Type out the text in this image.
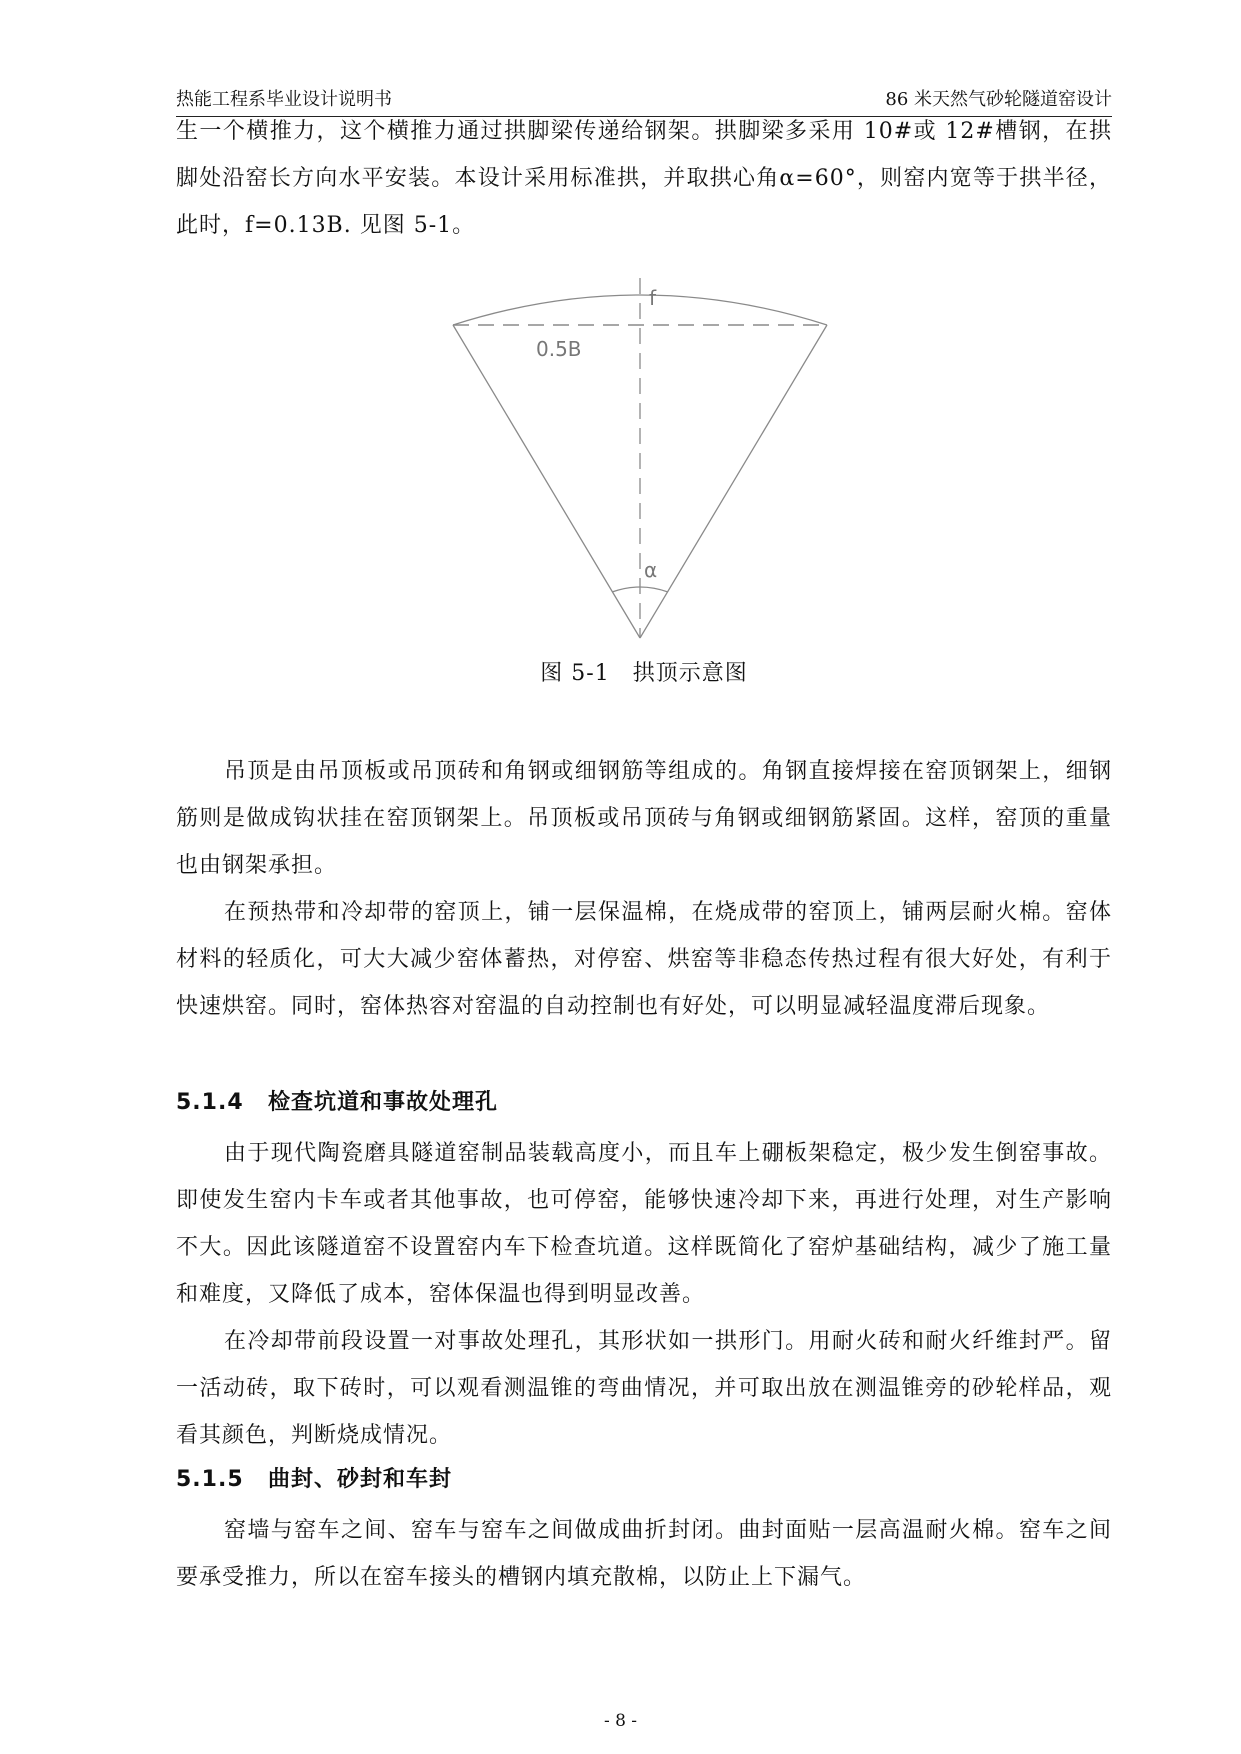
热能工程系毕业设计说明书	86 米天然气砂轮隧道窑设计

生一个横推力，这个横推力通过拱脚梁传递给钢架。拱脚梁多采用 10#或 12#槽钢，在拱脚处沿窑长方向水平安装。本设计采用标准拱，并取拱心角α=60°，则窑内宽等于拱半径，此时，f=0.13B. 见图 5-1。

f
0.5B
α
图 5-1　拱顶示意图

吊顶是由吊顶板或吊顶砖和角钢或细钢筋等组成的。角钢直接焊接在窑顶钢架上，细钢筋则是做成钩状挂在窑顶钢架上。吊顶板或吊顶砖与角钢或细钢筋紧固。这样，窑顶的重量也由钢架承担。

在预热带和冷却带的窑顶上，铺一层保温棉，在烧成带的窑顶上，铺两层耐火棉。窑体材料的轻质化，可大大减少窑体蓄热，对停窑、烘窑等非稳态传热过程有很大好处，有利于快速烘窑。同时，窑体热容对窑温的自动控制也有好处，可以明显减轻温度滞后现象。

5.1.4 检查坑道和事故处理孔

由于现代陶瓷磨具隧道窑制品装载高度小，而且车上硼板架稳定，极少发生倒窑事故。即使发生窑内卡车或者其他事故，也可停窑，能够快速冷却下来，再进行处理，对生产影响不大。因此该隧道窑不设置窑内车下检查坑道。这样既简化了窑炉基础结构，减少了施工量和难度，又降低了成本，窑体保温也得到明显改善。

在冷却带前段设置一对事故处理孔，其形状如一拱形门。用耐火砖和耐火纤维封严。留一活动砖，取下砖时，可以观看测温锥的弯曲情况，并可取出放在测温锥旁的砂轮样品，观看其颜色，判断烧成情况。

5.1.5 曲封、砂封和车封

窑墙与窑车之间、窑车与窑车之间做成曲折封闭。曲封面贴一层高温耐火棉。窑车之间要承受推力，所以在窑车接头的槽钢内填充散棉，以防止上下漏气。

- 8 -
